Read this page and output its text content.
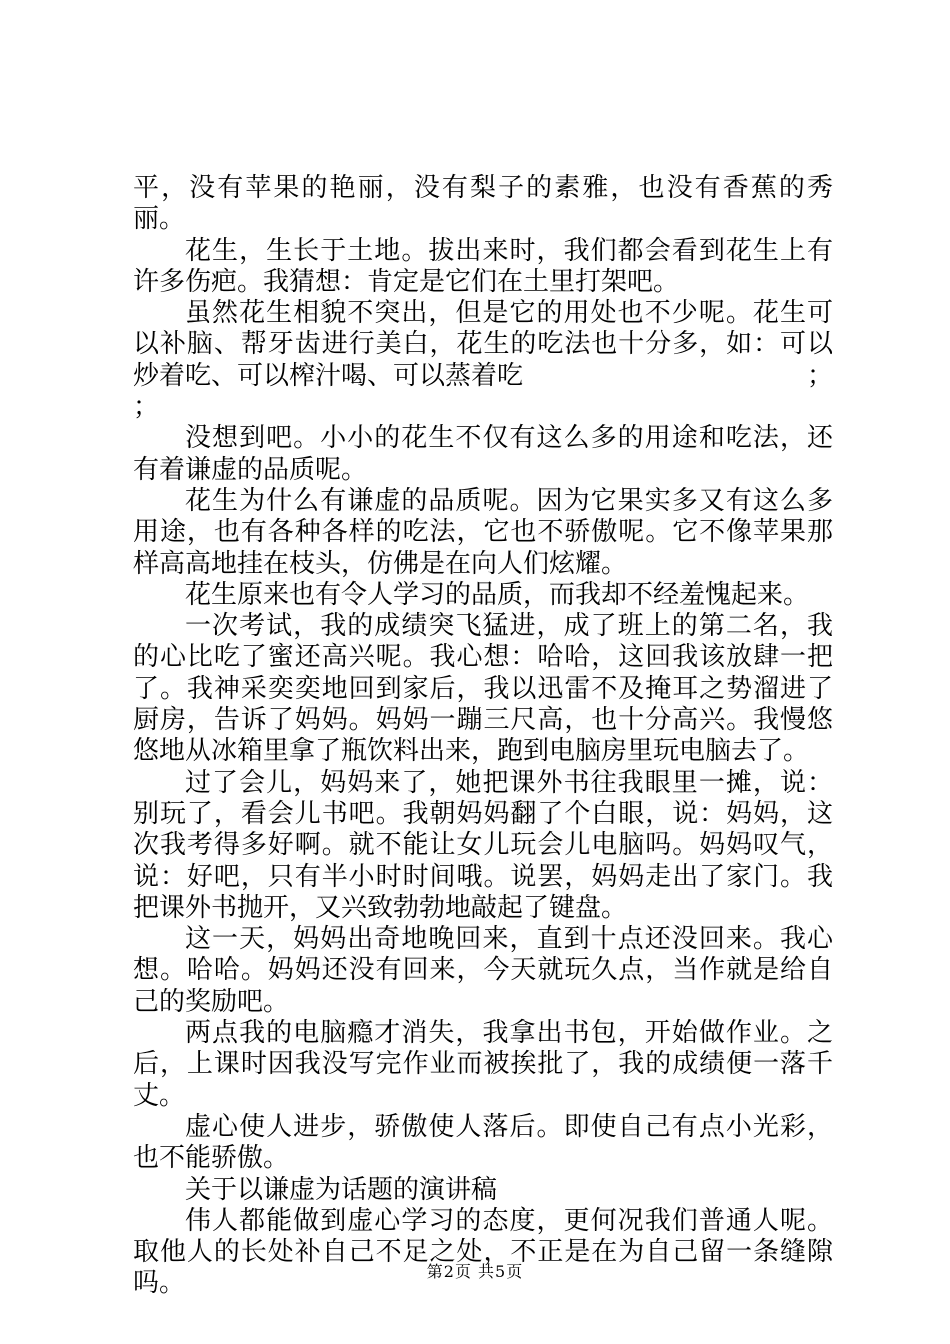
平，没有苹果的艳丽，没有梨子的素雅，也没有香蕉的秀丽。

花生，生长于土地。拔出来时，我们都会看到花生上有许多伤疤。我猜想：肯定是它们在土里打架吧。

虽然花生相貌不突出，但是它的用处也不少呢。花生可以补脑、帮牙齿进行美白，花生的吃法也十分多，如：可以炒着吃、可以榨汁喝、可以蒸着吃	；

；

没想到吧。小小的花生不仅有这么多的用途和吃法，还有着谦虚的品质呢。

花生为什么有谦虚的品质呢。因为它果实多又有这么多用途，也有各种各样的吃法，它也不骄傲呢。它不像苹果那样高高地挂在枝头，仿佛是在向人们炫耀。

花生原来也有令人学习的品质，而我却不经羞愧起来。

一次考试，我的成绩突飞猛进，成了班上的第二名，我的心比吃了蜜还高兴呢。我心想：哈哈，这回我该放肆一把了。我神采奕奕地回到家后，我以迅雷不及掩耳之势溜进了厨房，告诉了妈妈。妈妈一蹦三尺高，也十分高兴。我慢悠悠地从冰箱里拿了瓶饮料出来，跑到电脑房里玩电脑去了。

过了会儿，妈妈来了，她把课外书往我眼里一摊，说：别玩了，看会儿书吧。我朝妈妈翻了个白眼，说：妈妈，这次我考得多好啊。就不能让女儿玩会儿电脑吗。妈妈叹气，说：好吧，只有半小时时间哦。说罢，妈妈走出了家门。我把课外书抛开，又兴致勃勃地敲起了键盘。

这一天，妈妈出奇地晚回来，直到十点还没回来。我心想。哈哈。妈妈还没有回来，今天就玩久点，当作就是给自己的奖励吧。

两点我的电脑瘾才消失，我拿出书包，开始做作业。之后，上课时因我没写完作业而被挨批了，我的成绩便一落千丈。

虚心使人进步，骄傲使人落后。即使自己有点小光彩，也不能骄傲。

关于以谦虚为话题的演讲稿

伟人都能做到虚心学习的态度，更何况我们普通人呢。取他人的长处补自己不足之处，不正是在为自己留一条缝隙吗。	第2页 共5页
